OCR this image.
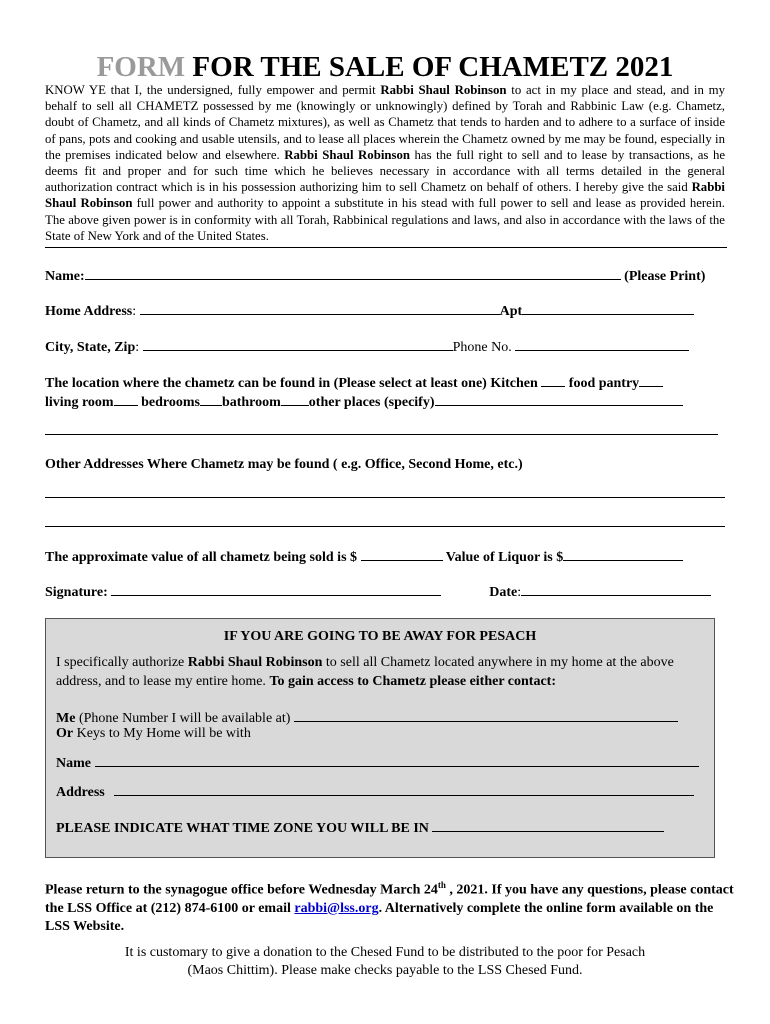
FORM FOR THE SALE OF CHAMETZ 2021
KNOW YE that I, the undersigned, fully empower and permit Rabbi Shaul Robinson to act in my place and stead, and in my behalf to sell all CHAMETZ possessed by me (knowingly or unknowingly) defined by Torah and Rabbinic Law (e.g. Chametz, doubt of Chametz, and all kinds of Chametz mixtures), as well as Chametz that tends to harden and to adhere to a surface of inside of pans, pots and cooking and usable utensils, and to lease all places wherein the Chametz owned by me may be found, especially in the premises indicated below and elsewhere. Rabbi Shaul Robinson has the full right to sell and to lease by transactions, as he deems fit and proper and for such time which he believes necessary in accordance with all terms detailed in the general authorization contract which is in his possession authorizing him to sell Chametz on behalf of others. I hereby give the said Rabbi Shaul Robinson full power and authority to appoint a substitute in his stead with full power to sell and lease as provided herein. The above given power is in conformity with all Torah, Rabbinical regulations and laws, and also in accordance with the laws of the State of New York and of the United States.
Name:	(Please Print)
Home Address:	Apt
City, State, Zip:	Phone No.
The location where the chametz can be found in (Please select at least one) Kitchen food pantry
living room bedrooms bathroom other places (specify)
Other Addresses Where Chametz may be found ( e.g. Office, Second Home, etc.)
The approximate value of all chametz being sold is $	Value of Liquor is $
Signature:	Date:
IF YOU ARE GOING TO BE AWAY FOR PESACH
I specifically authorize Rabbi Shaul Robinson to sell all Chametz located anywhere in my home at the above address, and to lease my entire home. To gain access to Chametz please either contact:
Me (Phone Number I will be available at)
Or Keys to My Home will be with
Name
Address
PLEASE INDICATE WHAT TIME ZONE YOU WILL BE IN
Please return to the synagogue office before Wednesday March 24th , 2021. If you have any questions, please contact the LSS Office at (212) 874-6100 or email rabbi@lss.org. Alternatively complete the online form available on the LSS Website.
It is customary to give a donation to the Chesed Fund to be distributed to the poor for Pesach
(Maos Chittim). Please make checks payable to the LSS Chesed Fund.
